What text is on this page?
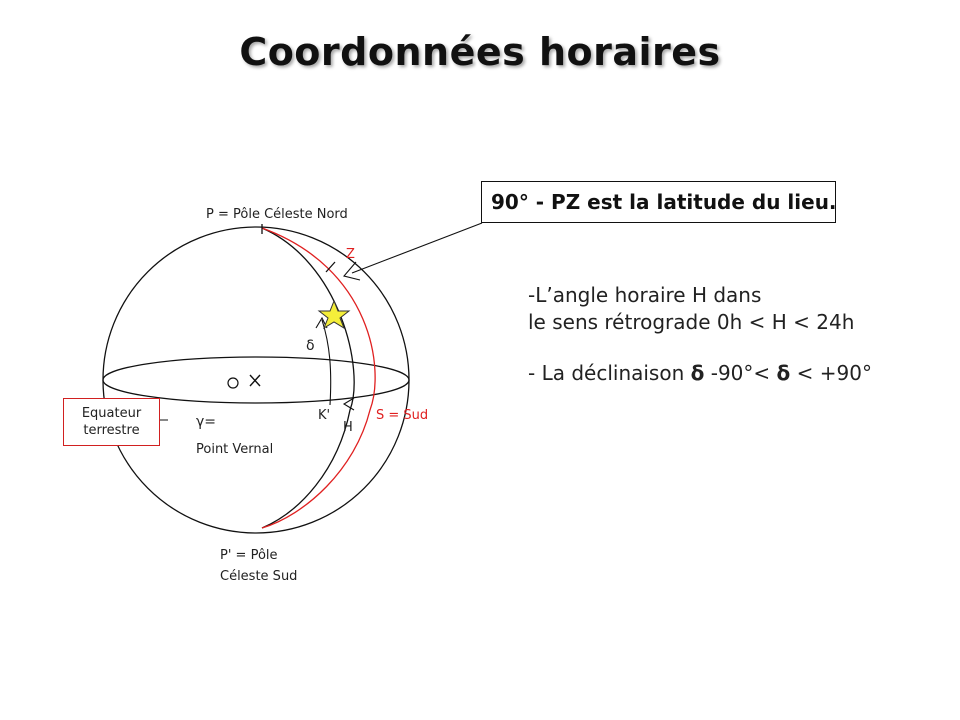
Coordonnées horaires
P = Pôle Céleste Nord
Z
δ
K'
H
S = Sud
γ=
Point Vernal
P' = Pôle
Céleste Sud
Equateur
terrestre
90° - PZ est la latitude du lieu.
-L’angle horaire H dans
le sens rétrograde 0h < H < 24h
- La déclinaison δ -90°< δ < +90°
